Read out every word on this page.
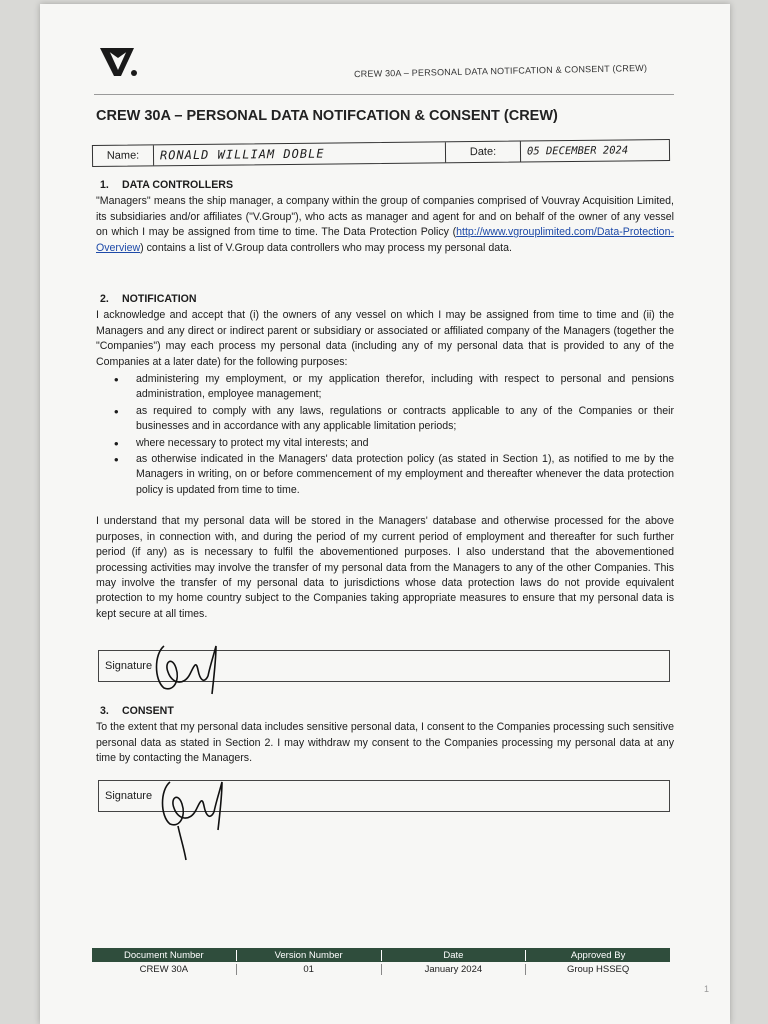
CREW 30A – PERSONAL DATA NOTIFCATION & CONSENT (CREW)
CREW 30A – PERSONAL DATA NOTIFCATION & CONSENT (CREW)
Name:	RONALD WILLIAM DOBLE	Date:	05 DECEMBER 2024
1. DATA CONTROLLERS

"Managers" means the ship manager, a company within the group of companies comprised of Vouvray Acquisition Limited, its subsidiaries and/or affiliates ("V.Group"), who acts as manager and agent for and on behalf of the owner of any vessel on which I may be assigned from time to time. The Data Protection Policy (http://www.vgrouplimited.com/Data-Protection-Overview) contains a list of V.Group data controllers who may process my personal data.

2. NOTIFICATION

I acknowledge and accept that (i) the owners of any vessel on which I may be assigned from time to time and (ii) the Managers and any direct or indirect parent or subsidiary or associated or affiliated company of the Managers (together the "Companies") may each process my personal data (including any of my personal data that is provided to any of the Companies at a later date) for the following purposes:

• administering my employment, or my application therefor, including with respect to personal and pensions administration, employee management;
• as required to comply with any laws, regulations or contracts applicable to any of the Companies or their businesses and in accordance with any applicable limitation periods;
• where necessary to protect my vital interests; and
• as otherwise indicated in the Managers' data protection policy (as stated in Section 1), as notified to me by the Managers in writing, on or before commencement of my employment and thereafter whenever the data protection policy is updated from time to time.

I understand that my personal data will be stored in the Managers' database and otherwise processed for the above purposes, in connection with, and during the period of my current period of employment and thereafter for such further period (if any) as is necessary to fulfil the abovementioned purposes. I also understand that the abovementioned processing activities may involve the transfer of my personal data from the Managers to any of the other Companies. This may involve the transfer of my personal data to jurisdictions whose data protection laws do not provide equivalent protection to my home country subject to the Companies taking appropriate measures to ensure that my personal data is kept secure at all times.

Signature
3. CONSENT

To the extent that my personal data includes sensitive personal data, I consent to the Companies processing such sensitive personal data as stated in Section 2. I may withdraw my consent to the Companies processing my personal data at any time by contacting the Managers.

Signature
Document Number	Version Number	Date	Approved By
CREW 30A	01	January 2024	Group HSSEQ
1
